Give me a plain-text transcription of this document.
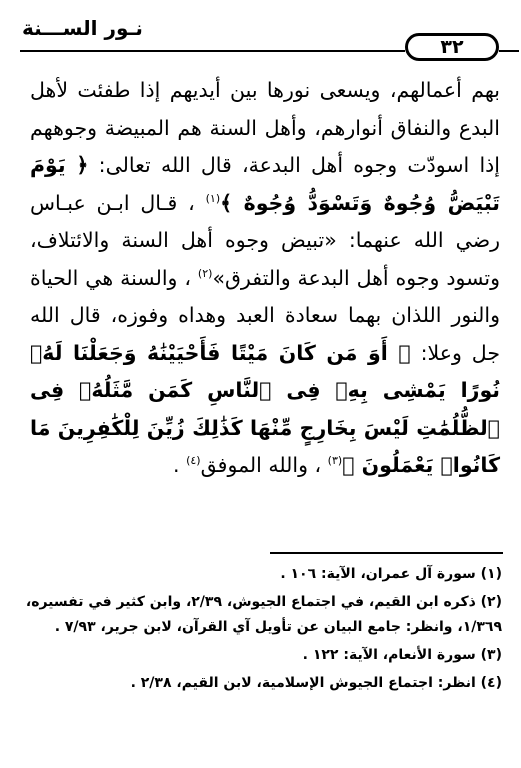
نـور الســـنة
٣٢
بهم أعمالهم، ويسعى نورها بين أيديهم إذا طفئت لأهل البدع والنفاق أنوارهم، وأهل السنة هم المبيضة وجوههم إذا اسودّت وجوه أهل البدعة، قال الله تعالى: ﴿ يَوْمَ تَبْيَضُّ وُجُوهٌ وَتَسْوَدُّ وُجُوهٌ ﴾$^{(١)}$ ، قـال ابـن عبـاس رضي الله عنهما: «تبيض وجوه أهل السنة والائتلاف، وتسود وجوه أهل البدعة والتفرق»$^{(٢)}$ ، والسنة هي الحياة والنور اللذان بهما سعادة العبد وهداه وفوزه، قال الله جل وعلا: ﴿ أَوَ مَن كَانَ مَيْتًا فَأَحْيَيْنَٰهُ وَجَعَلْنَا لَهُۥ نُورًا يَمْشِى بِهِۦ فِى ٱلنَّاسِ كَمَن مَّثَلُهُۥ فِى ٱلظُّلُمَٰتِ لَيْسَ بِخَارِجٍ مِّنْهَا كَذَٰلِكَ زُيِّنَ لِلْكَٰفِرِينَ مَا كَانُوا۟ يَعْمَلُونَ ﴾$^{(٣)}$ ، والله الموفق$^{(٤)}$ .
(١) سورة آل عمران، الآية: ١٠٦ .
(٢) ذكره ابن القيم، في اجتماع الجيوش، ٢/٣٩، وابن كثير في تفسيره، ١/٣٦٩، وانظر: جامع البيان عن تأويل آي القرآن، لابن جرير، ٧/٩٣ .
(٣) سورة الأنعام، الآية: ١٢٢ .
(٤) انظر: اجتماع الجيوش الإسلامية، لابن القيم، ٢/٣٨ .
